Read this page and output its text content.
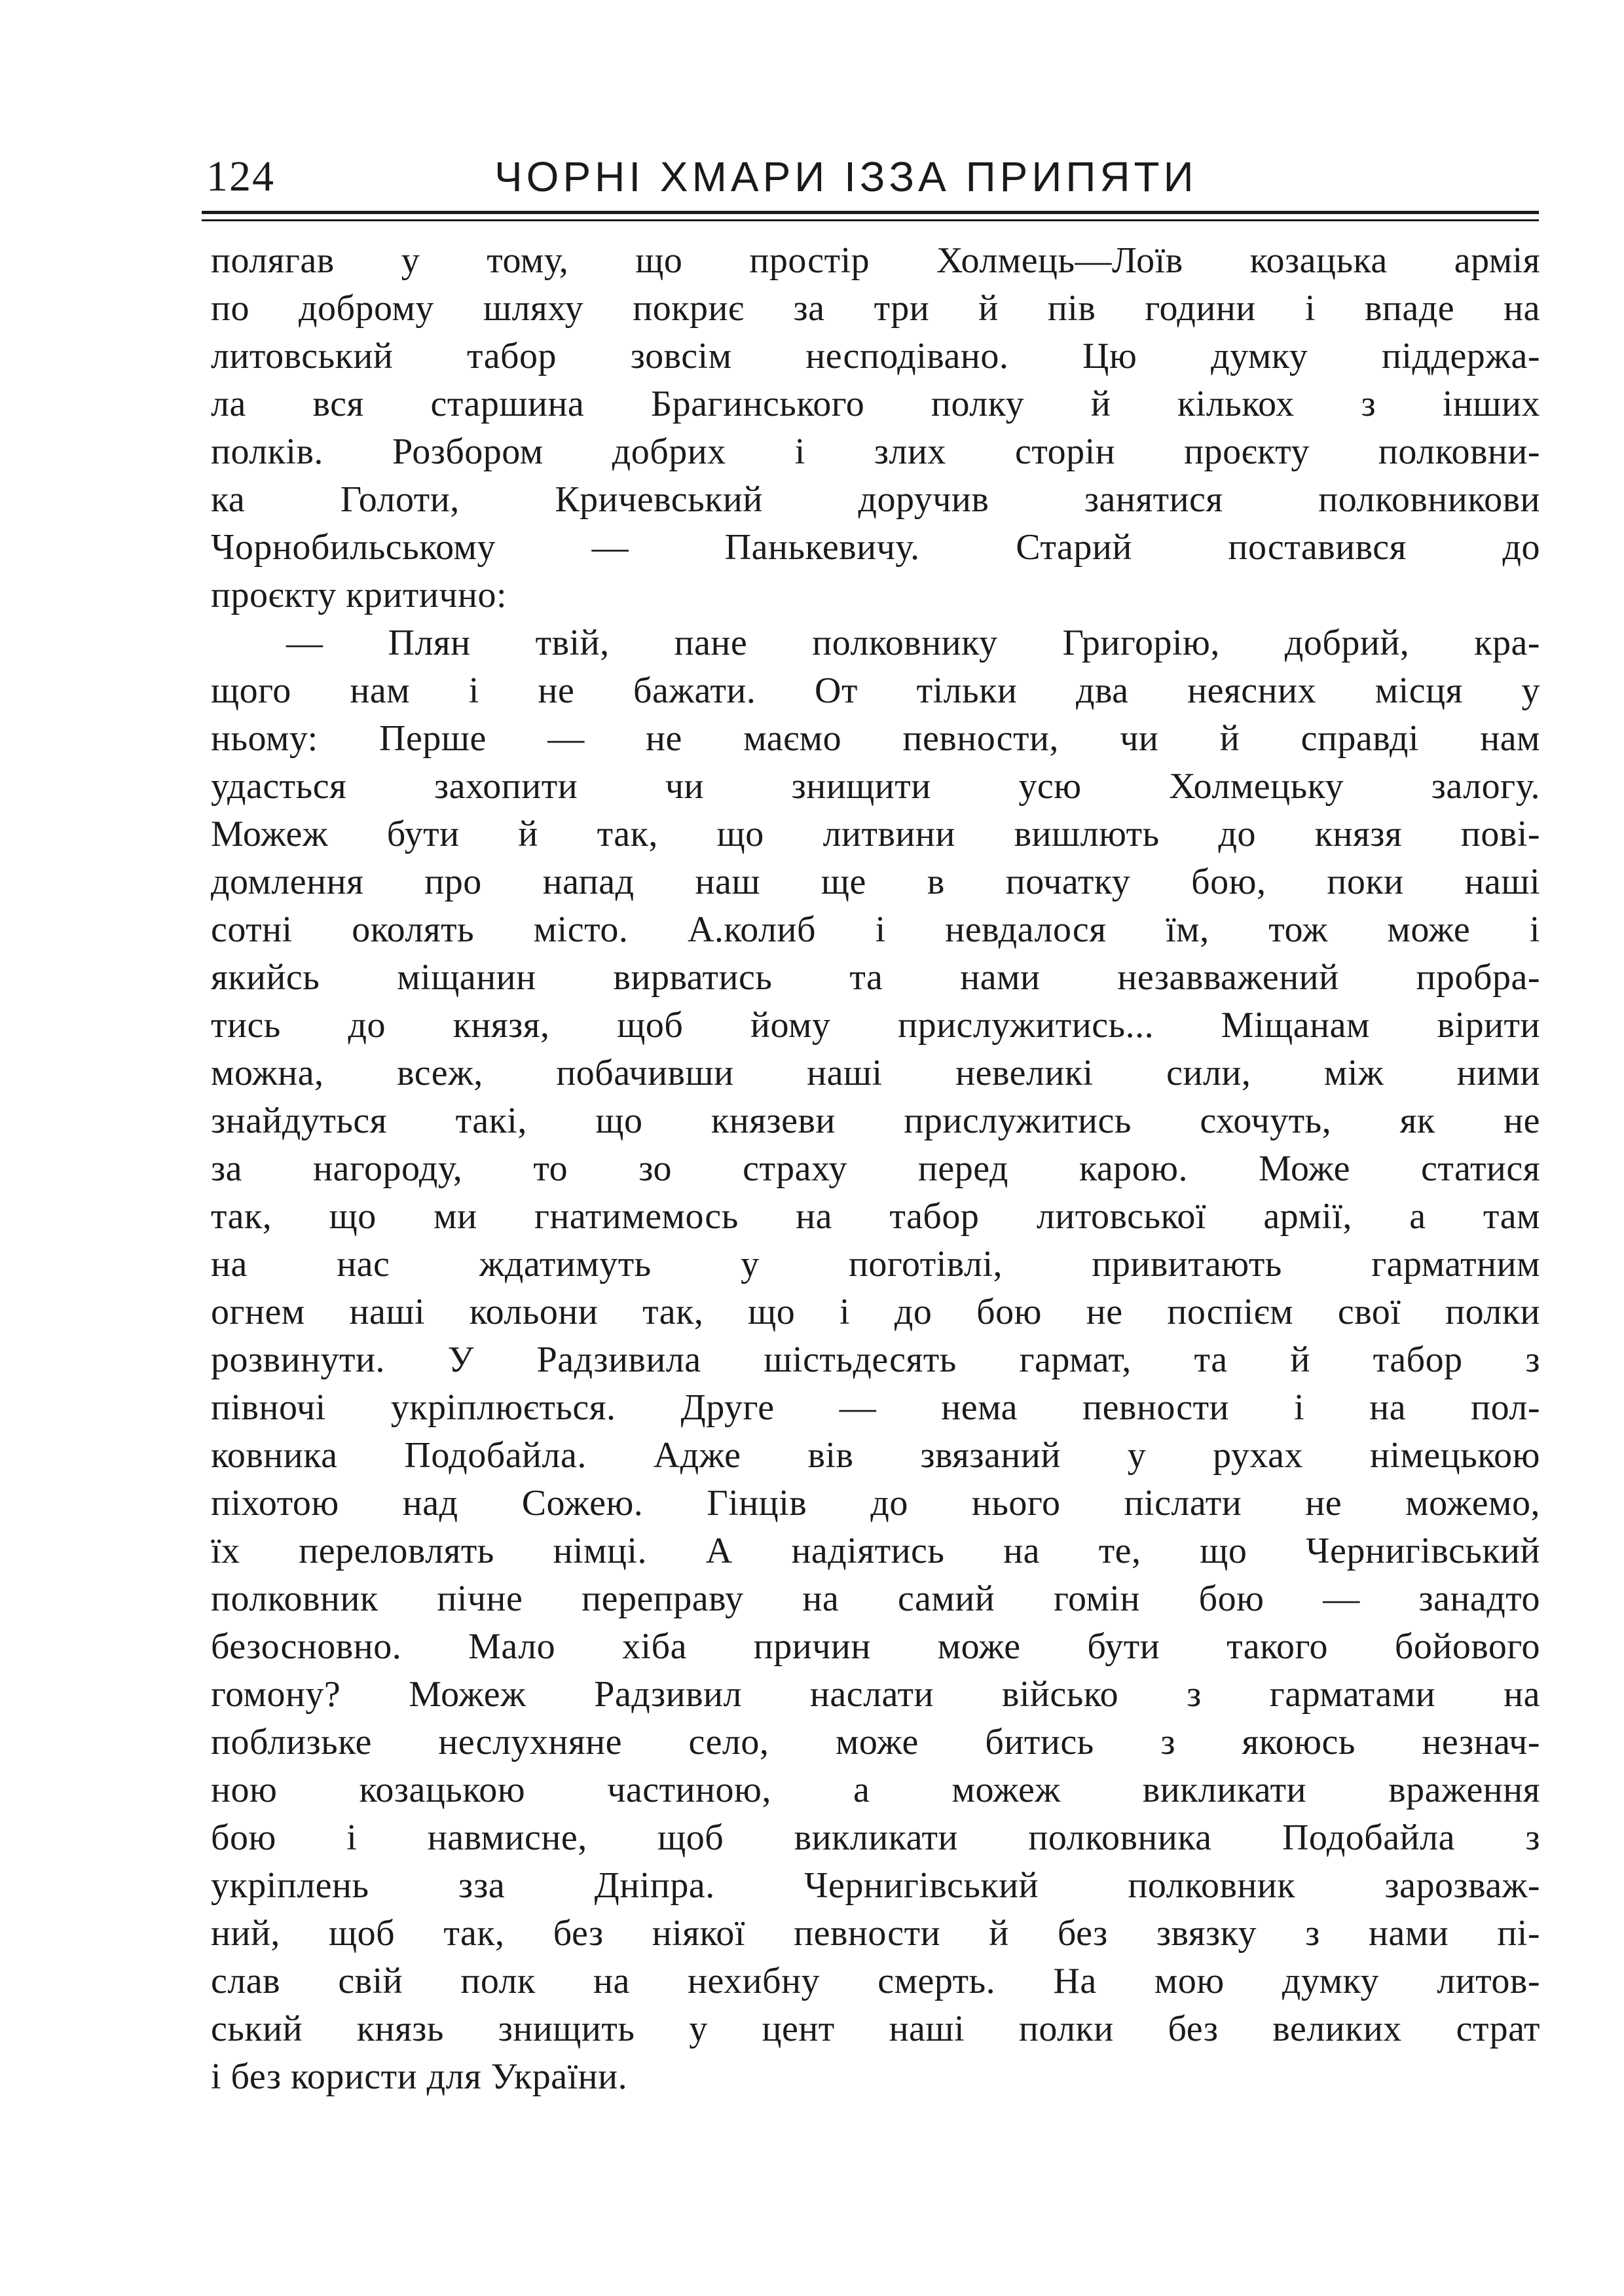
124	ЧОРНІ ХМАРИ ІЗЗА ПРИПЯТИ
полягав у тому, що простір Холмець—Лоїв козацька армія
по доброму шляху покриє за три й пів години і впаде на
литовський табор зовсім несподівано. Цю думку піддержа-
ла вся старшина Брагинського полку й кількох з інших
полків. Розбором добрих і злих сторін проєкту полковни-
ка Голоти, Кричевський доручив занятися полковникови
Чорнобильському — Панькевичу. Старий поставився до
проєкту критично:
— Плян твій, пане полковнику Григорію, добрий, кра-
щого нам і не бажати. От тільки два неясних місця у
ньому: Перше — не маємо певности, чи й справді нам
удасться захопити чи знищити усю Холмецьку залогу.
Можеж бути й так, що литвини вишлють до князя пові-
домлення про напад наш ще в початку бою, поки наші
сотні околять місто. А.колиб і невдалося їм, тож може і
якийсь міщанин вирватись та нами незавважений пробра-
тись до князя, щоб йому прислужитись... Міщанам вірити
можна, всеж, побачивши наші невеликі сили, між ними
знайдуться такі, що князеви прислужитись схочуть, як не
за нагороду, то зо страху перед карою. Може статися
так, що ми гнатимемось на табор литовської армії, а там
на нас ждатимуть у поготівлі, привитають гарматним
огнем наші кольони так, що і до бою не поспієм свої полки
розвинути. У Радзивила шістьдесять гармат, та й табор з
півночі укріплюється. Друге — нема певности і на пол-
ковника Подобайла. Адже вів звязаний у рухах німецькою
піхотою над Сожею. Гінців до нього післати не можемо,
їх переловлять німці. А надіятись на те, що Чернигівський
полковник пічне переправу на самий гомін бою — занадто
безосновно. Мало хіба причин може бути такого бойового
гомону? Можеж Радзивил наслати військо з гарматами на
поблизьке неслухняне село, може битись з якоюсь незнач-
ною козацькою частиною, а можеж викликати враження
бою і навмисне, щоб викликати полковника Подобайла з
укріплень зза Дніпра. Чернигівський полковник зарозваж-
ний, щоб так, без ніякої певности й без звязку з нами пі-
слав свій полк на нехибну смерть. На мою думку литов-
ський князь знищить у цент наші полки без великих страт
і без користи для України.
